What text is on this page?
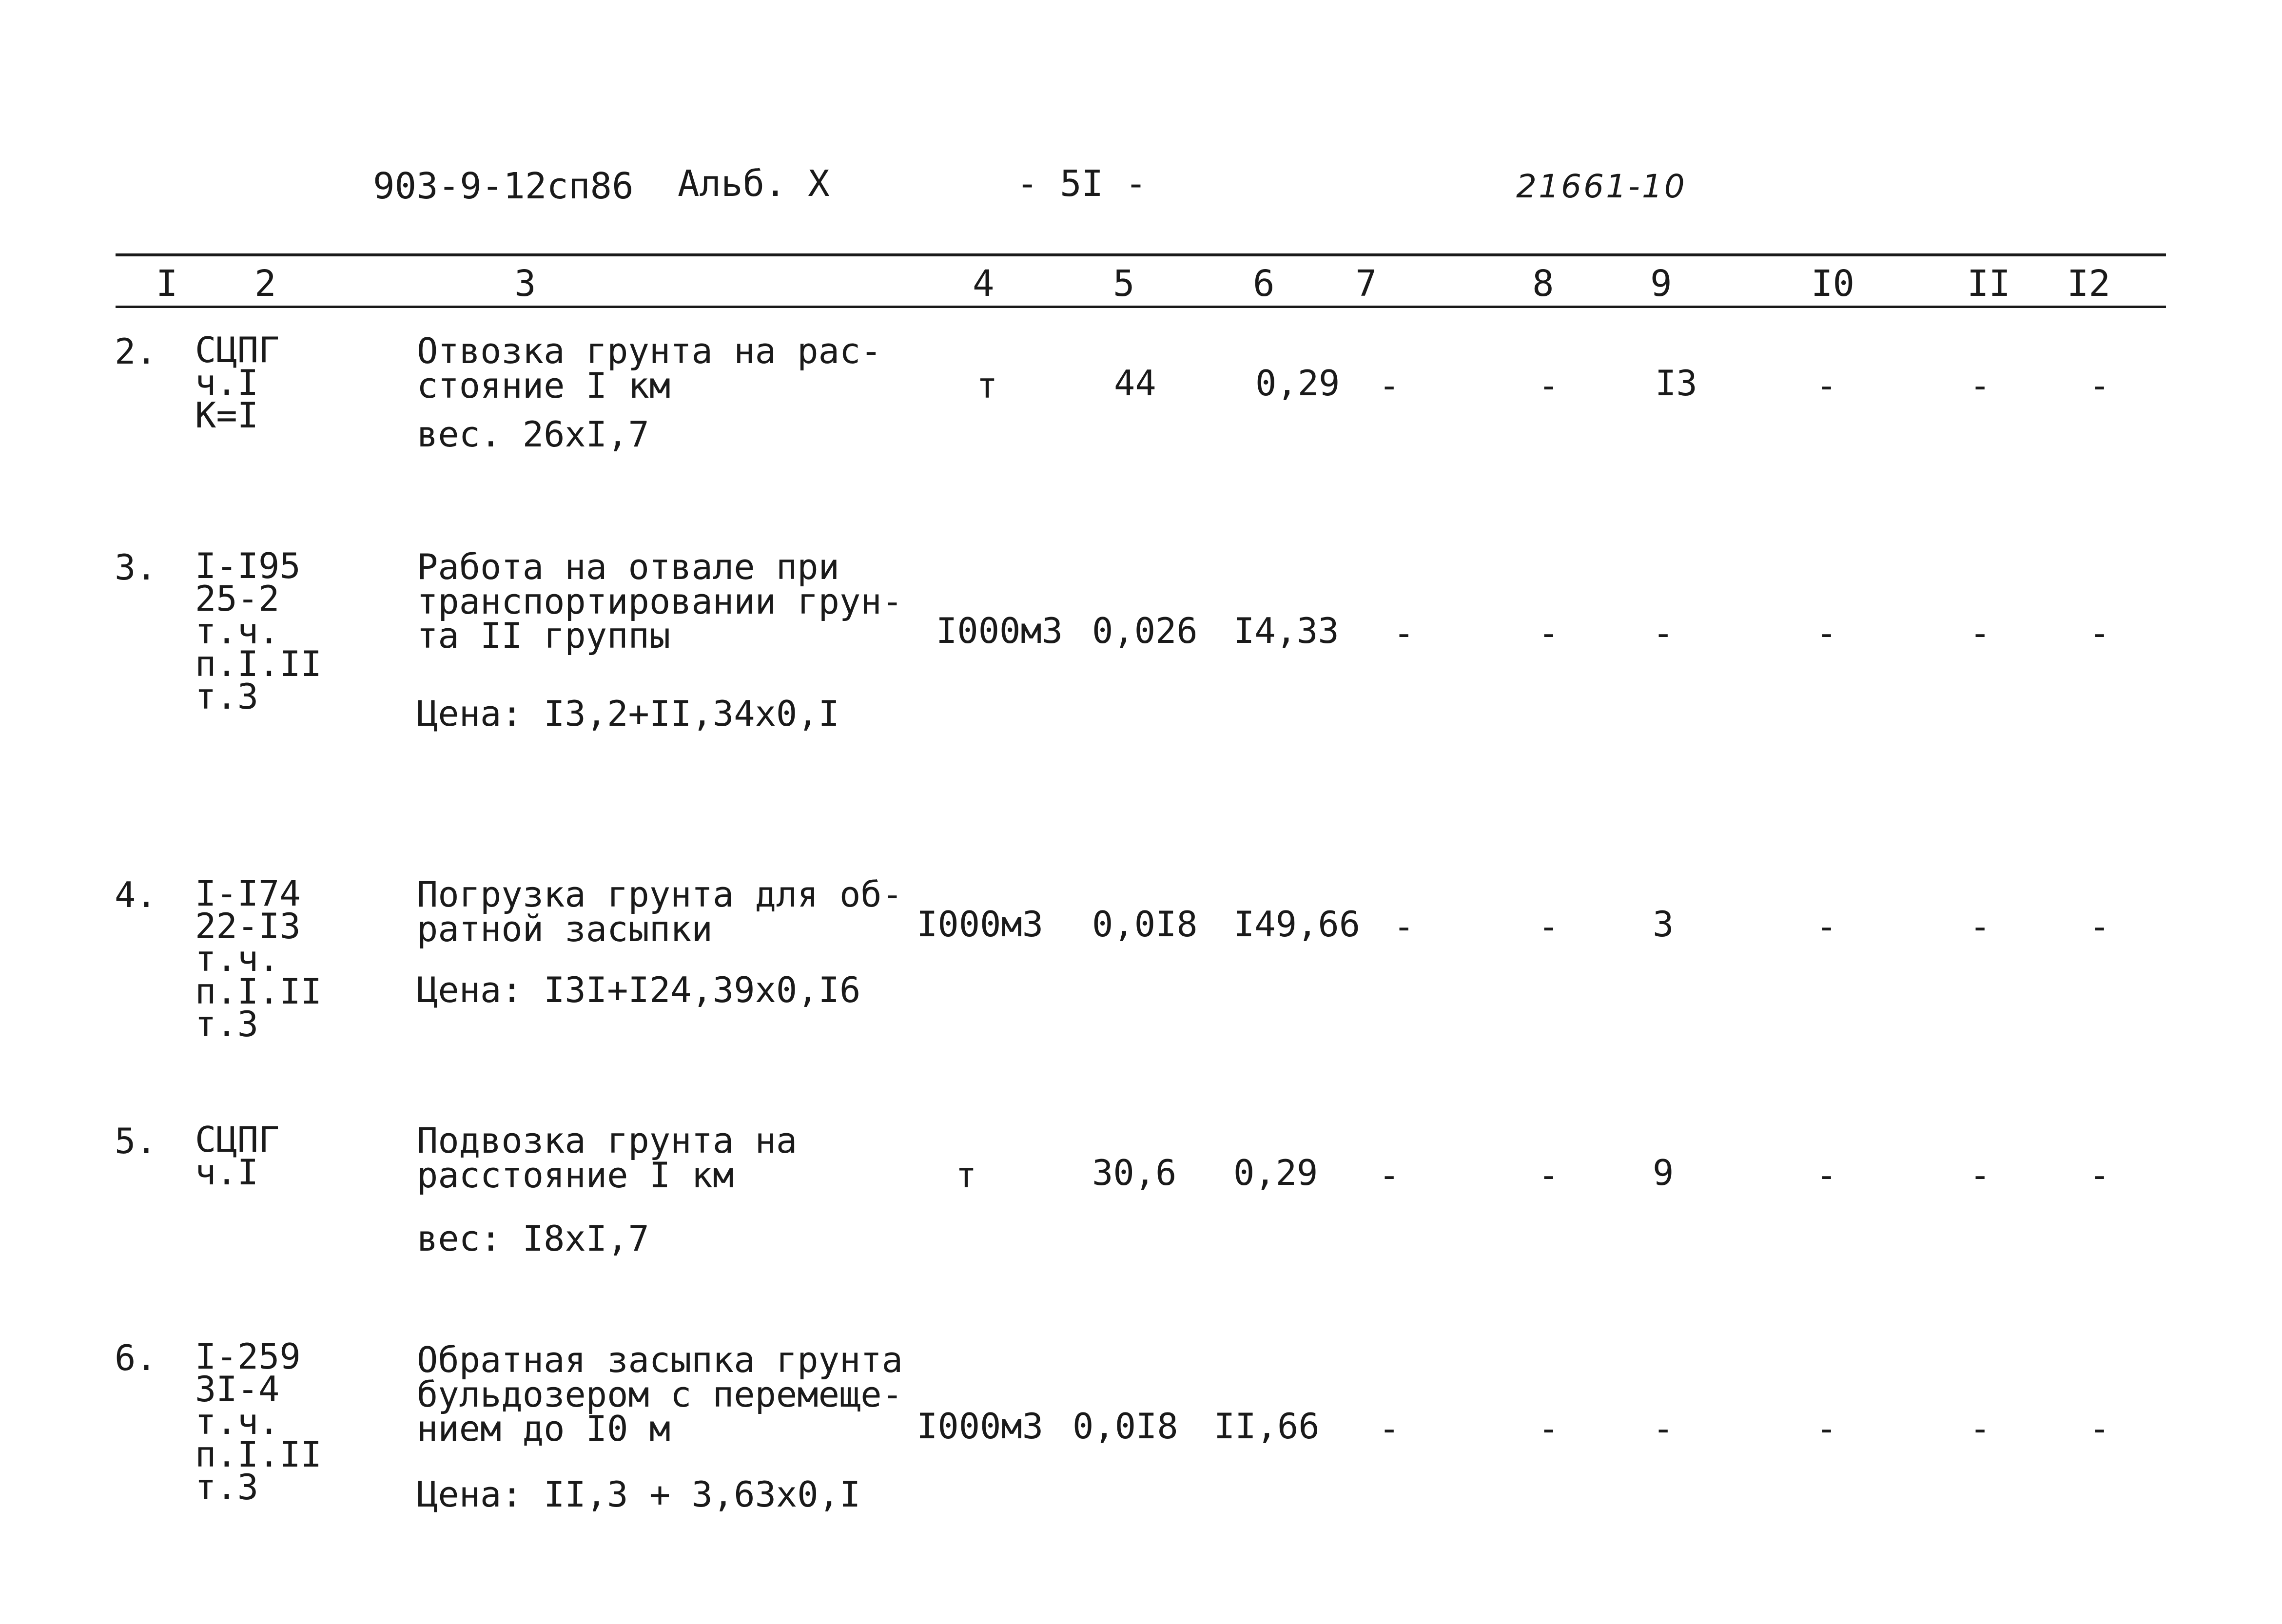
903-9-12сп86 Альб. X	- 5I -	21661-10
I 2	3	4	5	6 7	8	9	I0	II I2
2. СЦПГ
ч.I
К=I
Отвозка грунта на рас-
стояние I км
вес. 26хI,7
т	44	0,29 -	-	I3	-	-	-
3. I-I95
25-2
т.ч.
п.I.II
т.3
Работа на отвале при
транспортировании грун-
та II группы
Цена: I3,2+II,34х0,I
I000м3 0,026 I4,33 -	-	-	-	-	-
4. I-I74
22-I3
т.ч.
п.I.II
т.3
Погрузка грунта для об-
ратной засыпки
Цена: I3I+I24,39х0,I6
I000м3 0,0I8 I49,66 -	-	3	-	-	-
5. СЦПГ
ч.I
Подвозка грунта на
расстояние I км
вес: I8хI,7
т	30,6 0,29 -	-	9	-	-	-
6. I-259
3I-4
т.ч.
п.I.II
т.3
Обратная засыпка грунта
бульдозером с перемеще-
нием до I0 м
Цена: II,3 + 3,63х0,I
I000м3 0,0I8 II,66 -	-	-	-	-	-
